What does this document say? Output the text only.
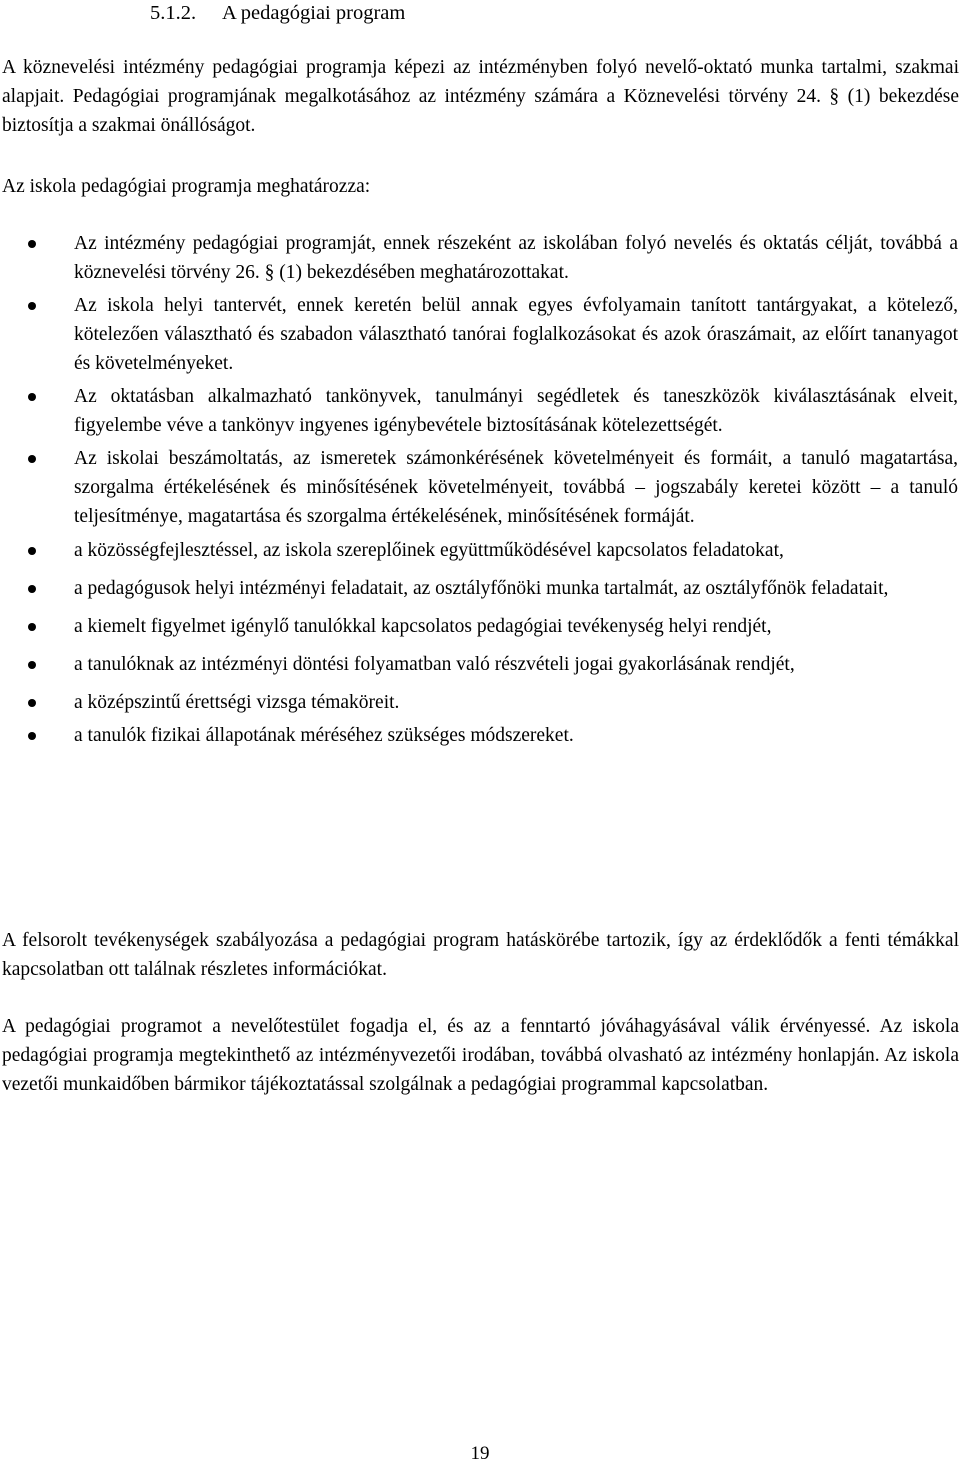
5.1.2. A pedagógiai program

A köznevelési intézmény pedagógiai programja képezi az intézményben folyó nevelő-oktató munka tartalmi, szakmai alapjait. Pedagógiai programjának megalkotásához az intézmény számára a Köznevelési törvény 24. § (1) bekezdése biztosítja a szakmai önállóságot.

Az iskola pedagógiai programja meghatározza:
Az intézmény pedagógiai programját, ennek részeként az iskolában folyó nevelés és oktatás célját, továbbá a köznevelési törvény 26. § (1) bekezdésében meghatározottakat.
Az iskola helyi tantervét, ennek keretén belül annak egyes évfolyamain tanított tantárgyakat, a kötelező, kötelezően választható és szabadon választható tanórai foglalkozásokat és azok óraszámait, az előírt tananyagot és követelményeket.
Az oktatásban alkalmazható tankönyvek, tanulmányi segédletek és taneszközök kiválasztásának elveit, figyelembe véve a tankönyv ingyenes igénybevétele biztosításának kötelezettségét.
Az iskolai beszámoltatás, az ismeretek számonkérésének követelményeit és formáit, a tanuló magatartása, szorgalma értékelésének és minősítésének követelményeit, továbbá – jogszabály keretei között – a tanuló teljesítménye, magatartása és szorgalma értékelésének, minősítésének formáját.
a közösségfejlesztéssel, az iskola szereplőinek együttműködésével kapcsolatos feladatokat,
a pedagógusok helyi intézményi feladatait, az osztályfőnöki munka tartalmát, az osztályfőnök feladatait,
a kiemelt figyelmet igénylő tanulókkal kapcsolatos pedagógiai tevékenység helyi rendjét,
a tanulóknak az intézményi döntési folyamatban való részvételi jogai gyakorlásának rendjét,
a középszintű érettségi vizsga témaköreit.
a tanulók fizikai állapotának méréséhez szükséges módszereket.

A felsorolt tevékenységek szabályozása a pedagógiai program hatáskörébe tartozik, így az érdeklődők a fenti témákkal kapcsolatban ott találnak részletes információkat.

A pedagógiai programot a nevelőtestület fogadja el, és az a fenntartó jóváhagyásával válik érvényessé. Az iskola pedagógiai programja megtekinthető az intézményvezetői irodában, továbbá olvasható az intézmény honlapján. Az iskola vezetői munkaidőben bármikor tájékoztatással szolgálnak a pedagógiai programmal kapcsolatban.

19
